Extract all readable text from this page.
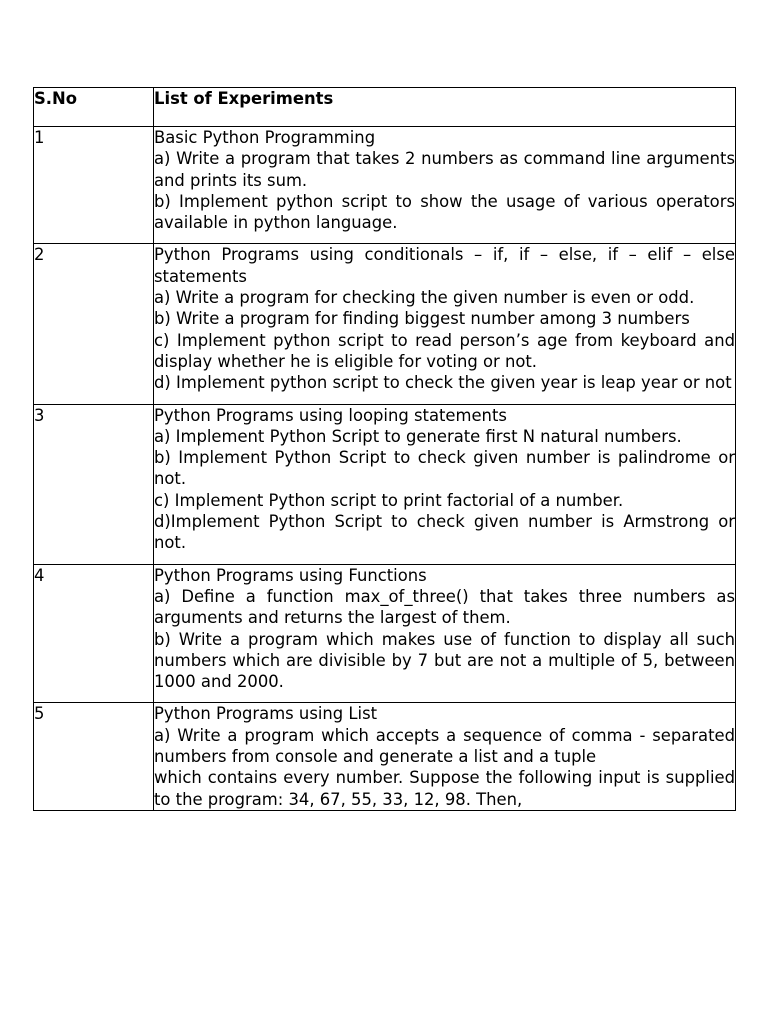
S.No	List of Experiments

1	Basic Python Programming
a) Write a program that takes 2 numbers as command line arguments and prints its sum.
b) Implement python script to show the usage of various operators available in python language.

2	Python Programs using conditionals – if, if – else, if – elif – else statements
a) Write a program for checking the given number is even or odd.
b) Write a program for finding biggest number among 3 numbers
c) Implement python script to read person’s age from keyboard and display whether he is eligible for voting or not.
d) Implement python script to check the given year is leap year or not

3	Python Programs using looping statements
a) Implement Python Script to generate first N natural numbers.
b) Implement Python Script to check given number is palindrome or not.
c) Implement Python script to print factorial of a number.
d)Implement Python Script to check given number is Armstrong or not.

4	Python Programs using Functions
a) Define a function max_of_three() that takes three numbers as arguments and returns the largest of them.
b) Write a program which makes use of function to display all such numbers which are divisible by 7 but are not a multiple of 5, between 1000 and 2000.

5	Python Programs using List
a) Write a program which accepts a sequence of comma - separated numbers from console and generate a list and a tuple
which contains every number. Suppose the following input is supplied to the program: 34, 67, 55, 33, 12, 98. Then,
